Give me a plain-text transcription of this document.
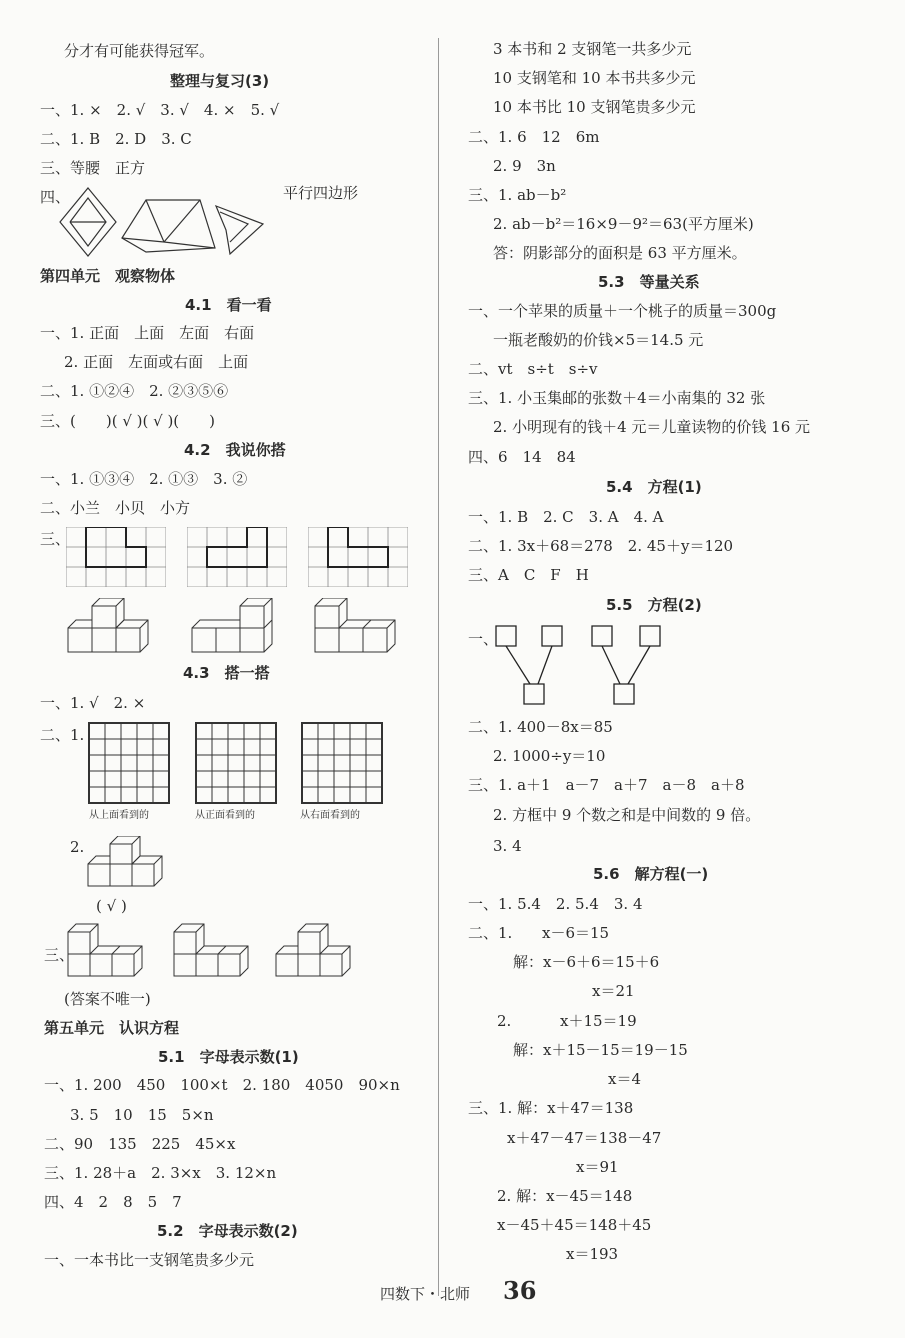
分才有可能获得冠军。
整理与复习(3)
一、1. ×　2. √　3. √　4. ×　5. √
二、1. B　2. D　3. C
三、等腰　正方
四、	平行四边形
第四单元　观察物体
4.1　看一看
一、1. 正面　上面　左面　右面
2. 正面　左面或右面　上面
二、1. ①②④　2. ②③⑤⑥
三、(　　)( √ )( √ )(　　)
4.2　我说你搭
一、1. ①③④　2. ①③　3. ②
二、小兰　小贝　小方
三、
4.3　搭一搭
一、1. √　2. ×
二、1.
从上面看到的	从正面看到的	从右面看到的
2.
( √ )
三、
(答案不唯一)
第五单元　认识方程
5.1　字母表示数(1)
一、1. 200　450　100×t　2. 180　4050　90×n
3. 5　10　15　5×n
二、90　135　225　45×x
三、1. 28＋a　2. 3×x　3. 12×n
四、4　2　8　5　7
5.2　字母表示数(2)
一、一本书比一支钢笔贵多少元
3 本书和 2 支钢笔一共多少元
10 支钢笔和 10 本书共多少元
10 本书比 10 支钢笔贵多少元
二、1. 6　12　6m
2. 9　3n
三、1. ab－b²
2. ab－b²＝16×9－9²＝63(平方厘米)
答：阴影部分的面积是 63 平方厘米。
5.3　等量关系
一、一个苹果的质量＋一个桃子的质量＝300g
一瓶老酸奶的价钱×5＝14.5 元
二、vt　s÷t　s÷v
三、1. 小玉集邮的张数＋4＝小南集的 32 张
2. 小明现有的钱＋4 元＝儿童读物的价钱 16 元
四、6　14　84
5.4　方程(1)
一、1. B　2. C　3. A　4. A
二、1. 3x＋68＝278　2. 45＋y＝120
三、A　C　F　H
5.5　方程(2)
一、
二、1. 400－8x＝85
2. 1000÷y＝10
三、1. a＋1　a－7　a＋7　a－8　a＋8
2. 方框中 9 个数之和是中间数的 9 倍。
3. 4
5.6　解方程(一)
一、1. 5.4　2. 5.4　3. 4
二、1. x－6＝15
解：x－6＋6＝15＋6
x＝21
2.	x＋15＝19
解：x＋15－15＝19－15
x＝4
三、1. 解：x＋47＝138
x＋47－47＝138－47
x＝91
2. 解：x－45＝148
x－45＋45＝148＋45
x＝193
四数下・北师 36
